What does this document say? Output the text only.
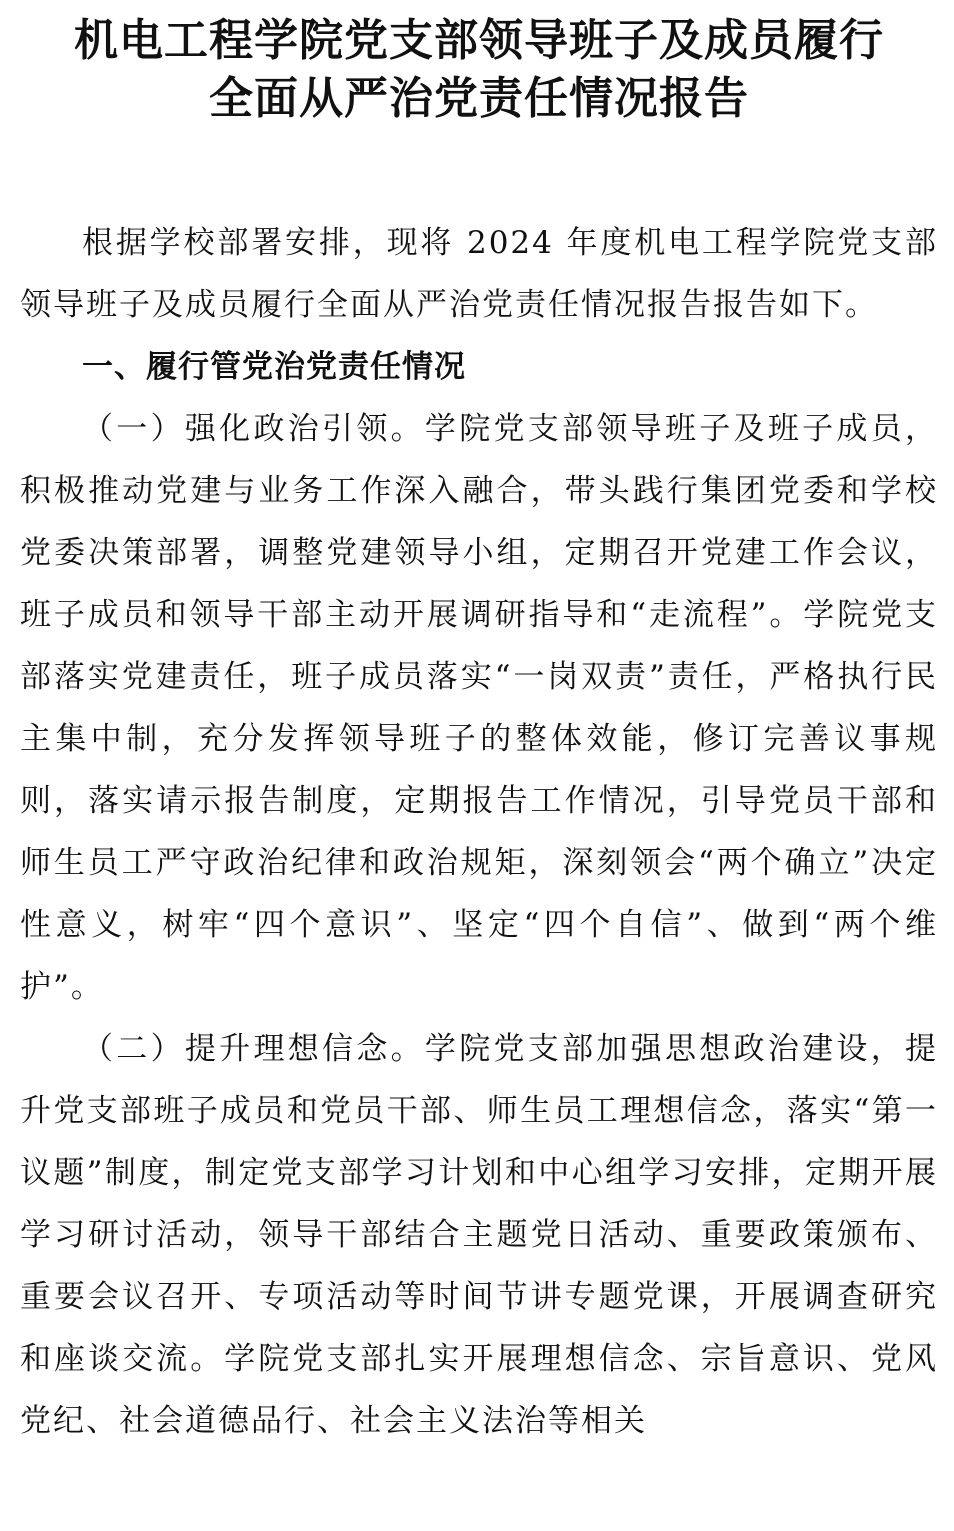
机电工程学院党支部领导班子及成员履行
全面从严治党责任情况报告

根据学校部署安排，现将 2024 年度机电工程学院党支部领导班子及成员履行全面从严治党责任情况报告报告如下。

一、履行管党治党责任情况

（一）强化政治引领。学院党支部领导班子及班子成员，积极推动党建与业务工作深入融合，带头践行集团党委和学校党委决策部署，调整党建领导小组，定期召开党建工作会议，班子成员和领导干部主动开展调研指导和“走流程”。学院党支部落实党建责任，班子成员落实“一岗双责”责任，严格执行民主集中制，充分发挥领导班子的整体效能，修订完善议事规则，落实请示报告制度，定期报告工作情况，引导党员干部和师生员工严守政治纪律和政治规矩，深刻领会“两个确立”决定性意义，树牢“四个意识”、坚定“四个自信”、做到“两个维护”。

（二）提升理想信念。学院党支部加强思想政治建设，提升党支部班子成员和党员干部、师生员工理想信念，落实“第一议题”制度，制定党支部学习计划和中心组学习安排，定期开展学习研讨活动，领导干部结合主题党日活动、重要政策颁布、重要会议召开、专项活动等时间节讲专题党课，开展调查研究和座谈交流。学院党支部扎实开展理想信念、宗旨意识、党风党纪、社会道德品行、社会主义法治等相关
